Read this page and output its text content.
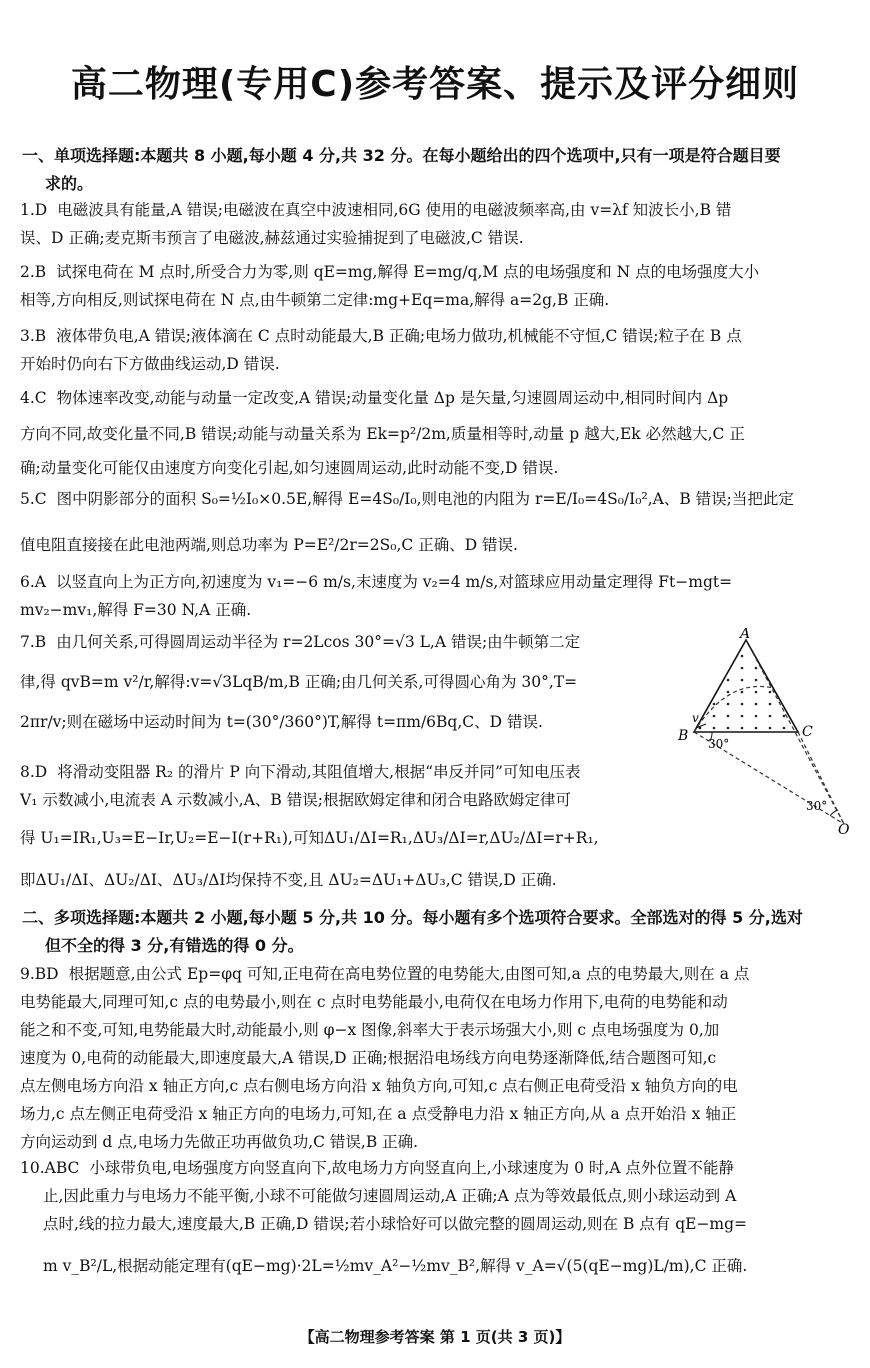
高二物理(专用C)参考答案、提示及评分细则
一、单项选择题:本题共 8 小题,每小题 4 分,共 32 分。在每小题给出的四个选项中,只有一项是符合题目要
求的。
1.D 电磁波具有能量,A 错误;电磁波在真空中波速相同,6G 使用的电磁波频率高,由 v=λf 知波长小,B 错
误、D 正确;麦克斯韦预言了电磁波,赫兹通过实验捕捉到了电磁波,C 错误.
2.B 试探电荷在 M 点时,所受合力为零,则 qE=mg,解得 E=mg/q,M 点的电场强度和 N 点的电场强度大小
相等,方向相反,则试探电荷在 N 点,由牛顿第二定律:mg+Eq=ma,解得 a=2g,B 正确.
3.B 液体带负电,A 错误;液体滴在 C 点时动能最大,B 正确;电场力做功,机械能不守恒,C 错误;粒子在 B 点
开始时仍向右下方做曲线运动,D 错误.
4.C 物体速率改变,动能与动量一定改变,A 错误;动量变化量 Δp 是矢量,匀速圆周运动中,相同时间内 Δp
方向不同,故变化量不同,B 错误;动能与动量关系为 Ek=p²/2m,质量相等时,动量 p 越大,Ek 必然越大,C 正
确;动量变化可能仅由速度方向变化引起,如匀速圆周运动,此时动能不变,D 错误.
5.C 图中阴影部分的面积 S₀=½I₀×0.5E,解得 E=4S₀/I₀,则电池的内阻为 r=E/I₀=4S₀/I₀²,A、B 错误;当把此定
值电阻直接接在此电池两端,则总功率为 P=E²/2r=2S₀,C 正确、D 错误.
6.A 以竖直向上为正方向,初速度为 v₁=−6 m/s,末速度为 v₂=4 m/s,对篮球应用动量定理得 Ft−mgt=
mv₂−mv₁,解得 F=30 N,A 正确.
7.B 由几何关系,可得圆周运动半径为 r=2Lcos 30°=√3 L,A 错误;由牛顿第二定
律,得 qvB=m v²/r,解得:v=√3LqB/m,B 正确;由几何关系,可得圆心角为 30°,T=
2πr/v;则在磁场中运动时间为 t=(30°/360°)T,解得 t=πm/6Bq,C、D 错误.
8.D 将滑动变阻器 R₂ 的滑片 P 向下滑动,其阻值增大,根据“串反并同”可知电压表
V₁ 示数减小,电流表 A 示数减小,A、B 错误;根据欧姆定律和闭合电路欧姆定律可
得 U₁=IR₁,U₃=E−Ir,U₂=E−I(r+R₁),可知ΔU₁/ΔI=R₁,ΔU₃/ΔI=r,ΔU₂/ΔI=r+R₁,
即ΔU₁/ΔI、ΔU₂/ΔI、ΔU₃/ΔI均保持不变,且 ΔU₂=ΔU₁+ΔU₃,C 错误,D 正确.
A
B	C
O
v
30°
30°
二、多项选择题:本题共 2 小题,每小题 5 分,共 10 分。每小题有多个选项符合要求。全部选对的得 5 分,选对
但不全的得 3 分,有错选的得 0 分。
9.BD 根据题意,由公式 Ep=φq 可知,正电荷在高电势位置的电势能大,由图可知,a 点的电势最大,则在 a 点
电势能最大,同理可知,c 点的电势最小,则在 c 点时电势能最小,电荷仅在电场力作用下,电荷的电势能和动
能之和不变,可知,电势能最大时,动能最小,则 φ−x 图像,斜率大于表示场强大小,则 c 点电场强度为 0,加
速度为 0,电荷的动能最大,即速度最大,A 错误,D 正确;根据沿电场线方向电势逐渐降低,结合题图可知,c
点左侧电场方向沿 x 轴正方向,c 点右侧电场方向沿 x 轴负方向,可知,c 点右侧正电荷受沿 x 轴负方向的电
场力,c 点左侧正电荷受沿 x 轴正方向的电场力,可知,在 a 点受静电力沿 x 轴正方向,从 a 点开始沿 x 轴正
方向运动到 d 点,电场力先做正功再做负功,C 错误,B 正确.
10.ABC 小球带负电,电场强度方向竖直向下,故电场力方向竖直向上,小球速度为 0 时,A 点外位置不能静
止,因此重力与电场力不能平衡,小球不可能做匀速圆周运动,A 正确;A 点为等效最低点,则小球运动到 A
点时,线的拉力最大,速度最大,B 正确,D 错误;若小球恰好可以做完整的圆周运动,则在 B 点有 qE−mg=
m v_B²/L,根据动能定理有(qE−mg)·2L=½mv_A²−½mv_B²,解得 v_A=√(5(qE−mg)L/m),C 正确.
【高二物理参考答案 第 1 页(共 3 页)】
